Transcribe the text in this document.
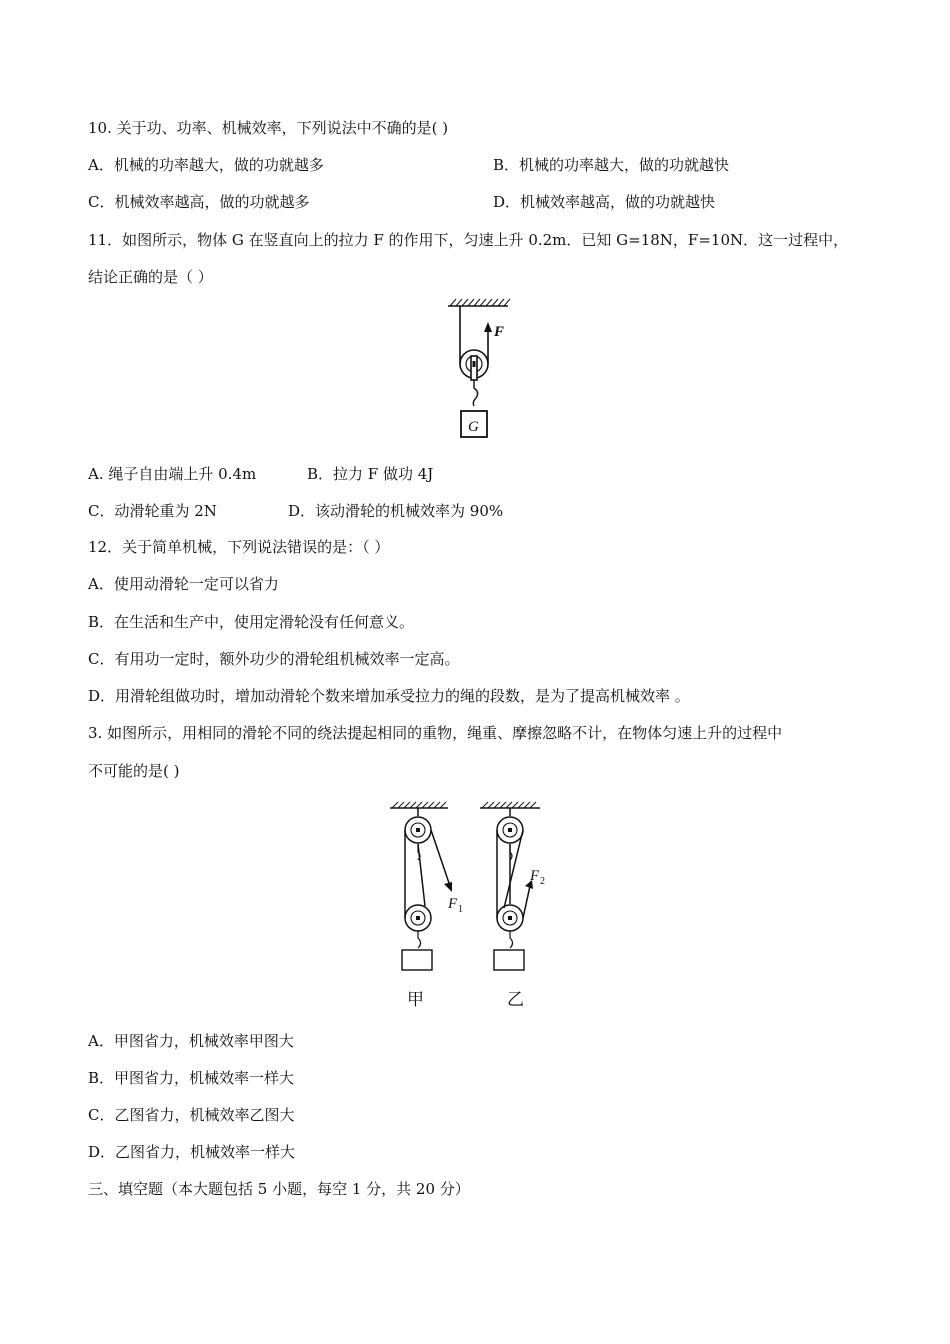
10. 关于功、功率、机械效率，下列说法中不确的是( )
A．机械的功率越大，做的功就越多	B．机械的功率越大，做的功就越快
C．机械效率越高，做的功就越多	D．机械效率越高，做的功就越快
11．如图所示，物体 G 在竖直向上的拉力 F 的作用下，匀速上升 0.2m．已知 G=18N，F=10N．这一过程中，
结论正确的是（ ）
F
G
A. 绳子自由端上升 0.4m	B．拉力 F 做功 4J
C．动滑轮重为 2N	D．该动滑轮的机械效率为 90%
12．关于简单机械，下列说法错误的是：（ ）
A．使用动滑轮一定可以省力
B．在生活和生产中，使用定滑轮没有任何意义。
C．有用功一定时，额外功少的滑轮组机械效率一定高。
D．用滑轮组做功时，增加动滑轮个数来增加承受拉力的绳的段数，是为了提高机械效率 。
3. 如图所示，用相同的滑轮不同的绕法提起相同的重物，绳重、摩擦忽略不计，在物体匀速上升的过程中
不可能的是( )
F 1
F 2
甲	乙
A．甲图省力，机械效率甲图大
B．甲图省力，机械效率一样大
C．乙图省力，机械效率乙图大
D．乙图省力，机械效率一样大
三、填空题（本大题包括 5 小题，每空 1 分，共 20 分）
